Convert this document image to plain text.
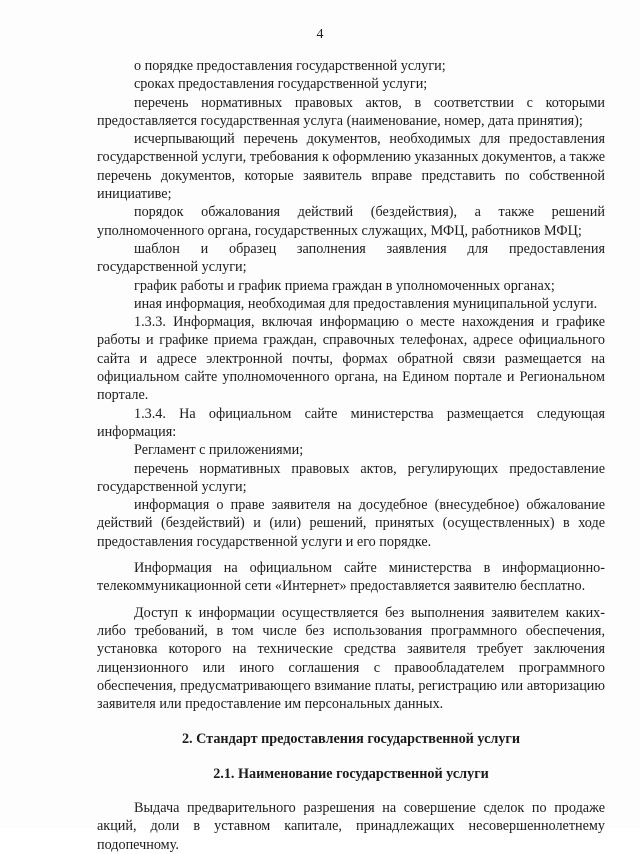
4

о порядке предоставления государственной услуги;

сроках предоставления государственной услуги;

перечень нормативных правовых актов, в соответствии с которыми предоставляется государственная услуга (наименование, номер, дата принятия);

исчерпывающий перечень документов, необходимых для предоставления государственной услуги, требования к оформлению указанных документов, а также перечень документов, которые заявитель вправе представить по собственной инициативе;

порядок обжалования действий (бездействия), а также решений уполномоченного органа, государственных служащих, МФЦ, работников МФЦ;

шаблон и образец заполнения заявления для предоставления государственной услуги;

график работы и график приема граждан в уполномоченных органах;

иная информация, необходимая для предоставления муниципальной услуги.

1.3.3. Информация, включая информацию о месте нахождения и графике работы и графике приема граждан, справочных телефонах, адресе официального сайта и адресе электронной почты, формах обратной связи размещается на официальном сайте уполномоченного органа, на Едином портале и Региональном портале.

1.3.4. На официальном сайте министерства размещается следующая информация:

Регламент с приложениями;

перечень нормативных правовых актов, регулирующих предоставление государственной услуги;

информация о праве заявителя на досудебное (внесудебное) обжалование действий (бездействий) и (или) решений, принятых (осуществленных) в ходе предоставления государственной услуги и его порядке.

Информация на официальном сайте министерства в информационно-телекоммуникационной сети «Интернет» предоставляется заявителю бесплатно.

Доступ к информации осуществляется без выполнения заявителем каких-либо требований, в том числе без использования программного обеспечения, установка которого на технические средства заявителя требует заключения лицензионного или иного соглашения с правообладателем программного обеспечения, предусматривающего взимание платы, регистрацию или авторизацию заявителя или предоставление им персональных данных.

2. Стандарт предоставления государственной услуги
2.1. Наименование государственной услуги

Выдача предварительного разрешения на совершение сделок по продаже акций, доли в уставном капитале, принадлежащих несовершеннолетнему подопечному.
